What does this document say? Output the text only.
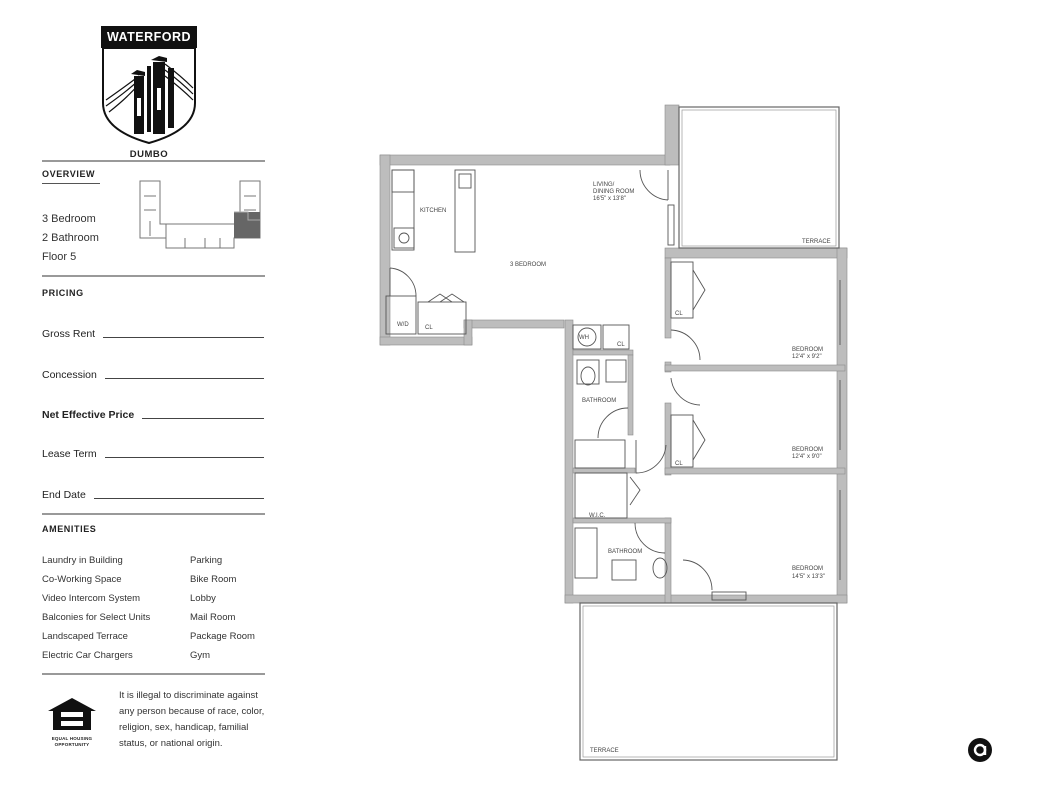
WATERFORD
DUMBO
OVERVIEW
3 Bedroom
2 Bathroom
Floor 5
PRICING
Gross Rent
Concession
Net Effective Price
Lease Term
End Date
AMENITIES
Laundry in Building
Co-Working Space
Video Intercom System
Balconies for Select Units
Landscaped Terrace
Electric Car Chargers
Parking
Bike Room
Lobby
Mail Room
Package Room
Gym
EQUAL HOUSING
OPPORTUNITY
It is illegal to discriminate against any person because of race, color, religion, sex, handicap, familial status, or national origin.
KITCHEN
LIVING/
DINING ROOM
16'5" x 13'8"
3 BEDROOM
W/D	CL
WH
CL
BATHROOM
W.I.C.
BATHROOM
CL
CL
BEDROOM
12'4" x 9'2"
BEDROOM
12'4" x 9'0"
BEDROOM
14'5" x 13'3"
TERRACE
TERRACE
